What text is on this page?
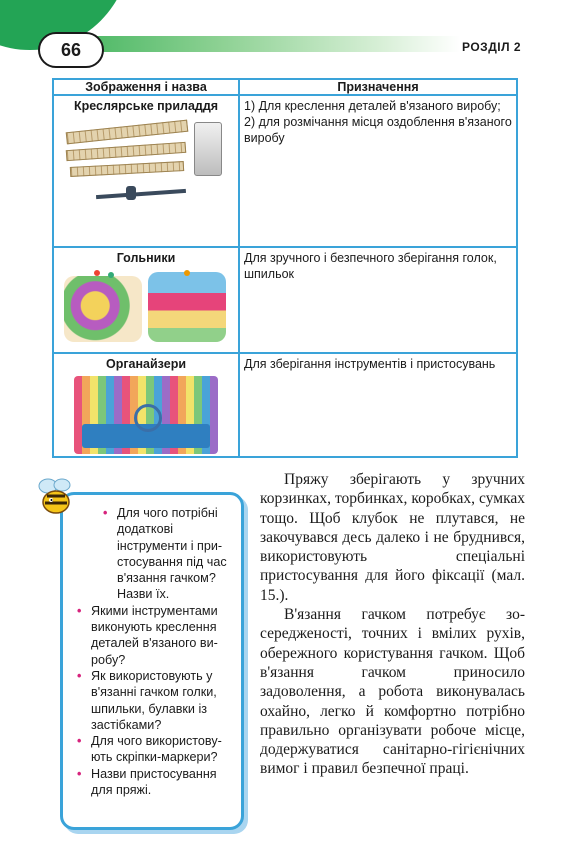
66	РОЗДІЛ 2
Зображення і назва	Призначення

Креслярське приладдя	1) Для креслення деталей в'язаного виробу;
2) для розмічання місця оздоблення в'язаного виробу

Гольники	Для зручного і безпечного зберігання голок, шпильок

Органайзери	Для зберігання інструментів і пристосувань
• Для чого потрібні додаткові інструменти і пристосування під час в'язання гачком? Назви їх.
• Якими інструментами виконують креслення деталей в'язаного виробу?
• Як використовують у в'язанні гачком голки, шпильки, булавки із застібками?
• Для чого використовують скріпки-маркери?
• Назви пристосування для пряжі.

Пряжу зберігають у зручних корзинках, торбинках, коробках, сумках тощо. Щоб клубок не плутався, не закочувався десь далеко і не бруднився, використовують спеціальні пристосування для його фіксації (мал. 15.).

В'язання гачком потребує зосередженості, точних і вмілих рухів, обережного користування гачком. Щоб в'язання гачком приносило задоволення, а робота виконувалась охайно, легко й комфортно потрібно правильно організувати робоче місце, додержуватися санітарно-гігієнічних вимог і правил безпечної праці.
